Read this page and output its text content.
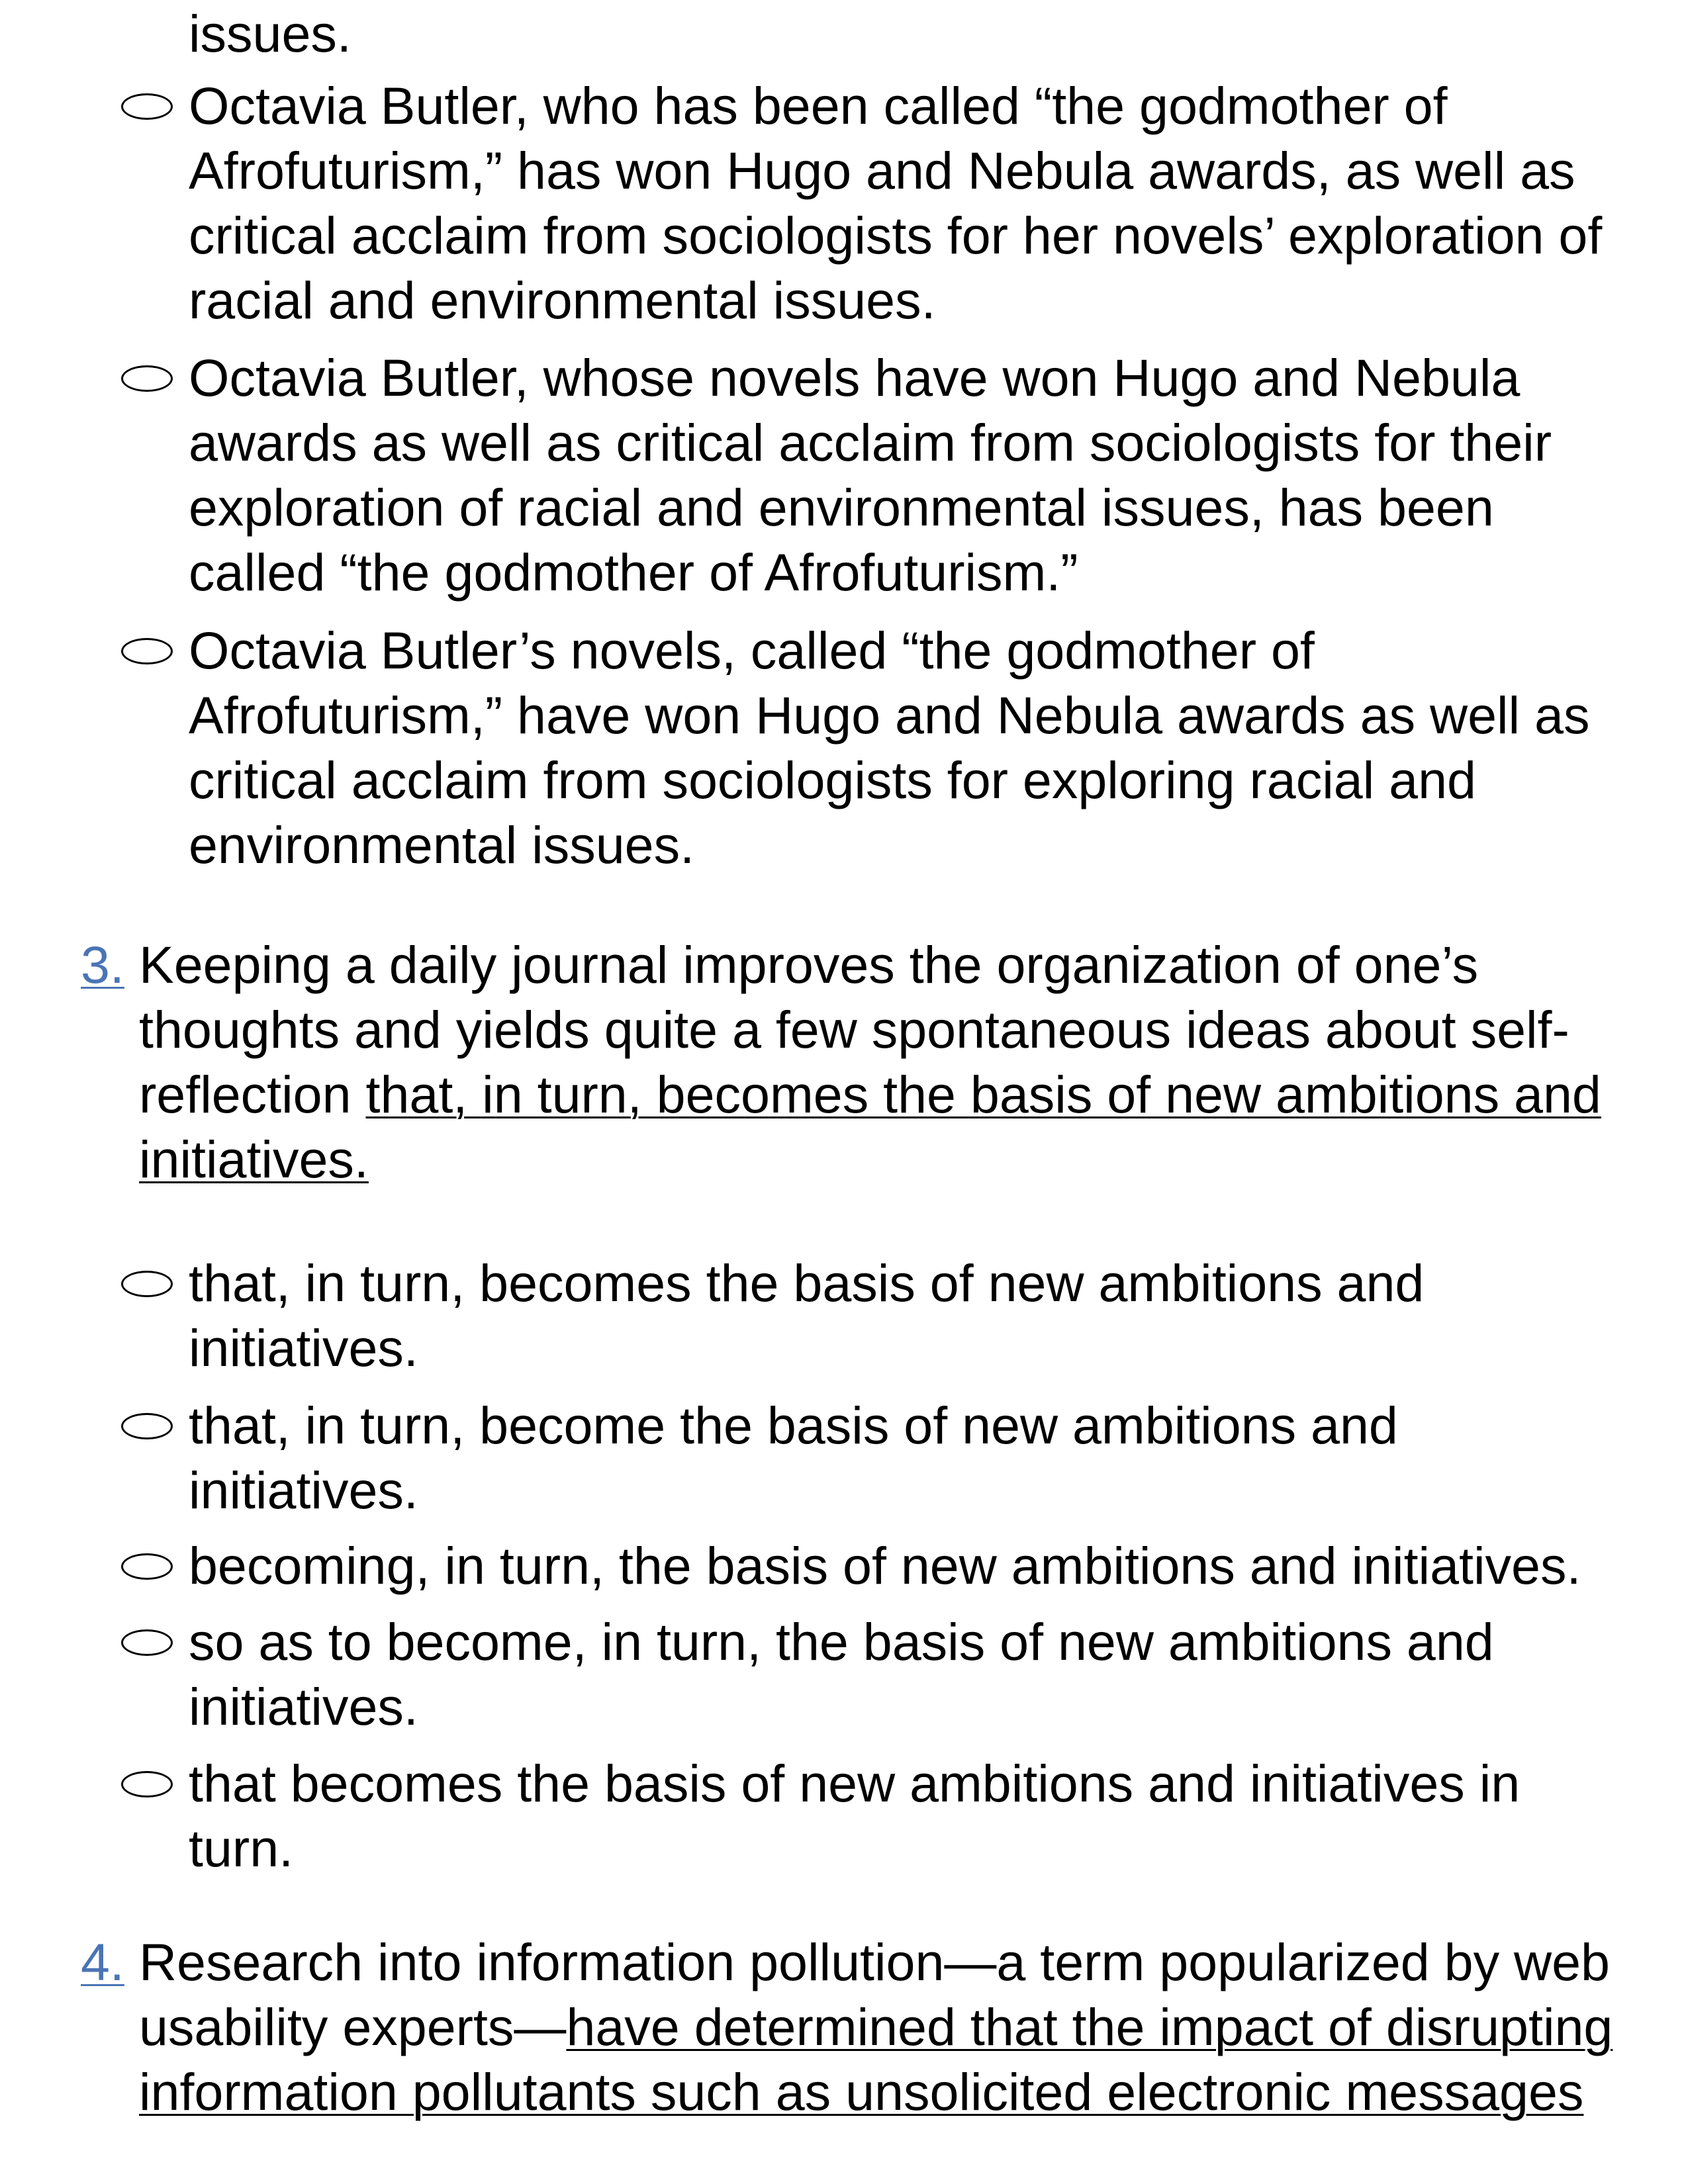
issues.
Octavia Butler, who has been called “the godmother of
Afrofuturism,” has won Hugo and Nebula awards, as well as
critical acclaim from sociologists for her novels’ exploration of
racial and environmental issues.
Octavia Butler, whose novels have won Hugo and Nebula
awards as well as critical acclaim from sociologists for their
exploration of racial and environmental issues, has been
called “the godmother of Afrofuturism.”
Octavia Butler’s novels, called “the godmother of
Afrofuturism,” have won Hugo and Nebula awards as well as
critical acclaim from sociologists for exploring racial and
environmental issues.
3. Keeping a daily journal improves the organization of one’s
thoughts and yields quite a few spontaneous ideas about self-
reflection that, in turn, becomes the basis of new ambitions and
initiatives.
that, in turn, becomes the basis of new ambitions and
initiatives.
that, in turn, become the basis of new ambitions and
initiatives.
becoming, in turn, the basis of new ambitions and initiatives.
so as to become, in turn, the basis of new ambitions and
initiatives.
that becomes the basis of new ambitions and initiatives in
turn.
4. Research into information pollution—a term popularized by web
usability experts—have determined that the impact of disrupting
information pollutants such as unsolicited electronic messages
